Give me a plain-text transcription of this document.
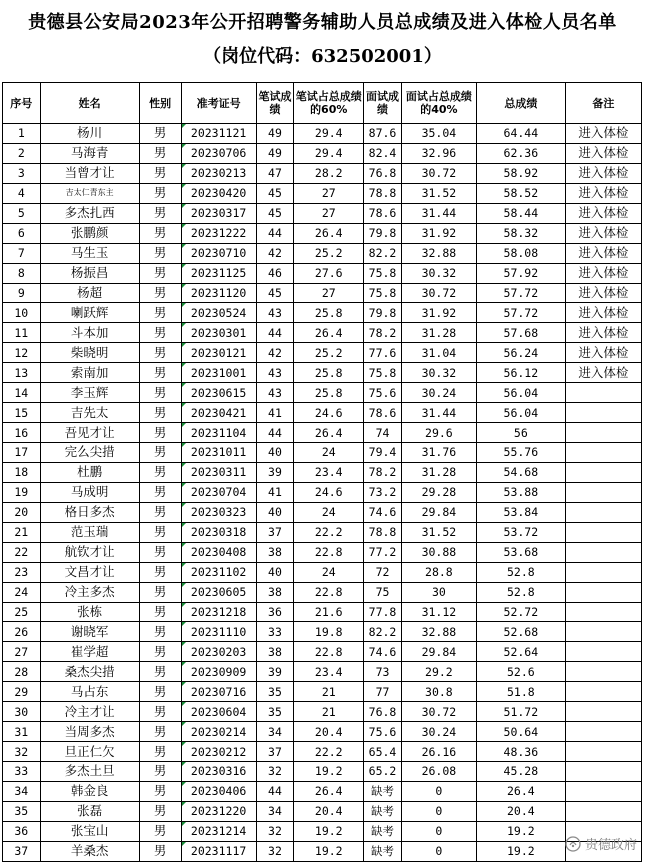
贵德县公安局2023年公开招聘警务辅助人员总成绩及进入体检人员名单
（岗位代码：632502001）
序号	姓名	性别	准考证号	笔试成绩	笔试占总成绩的60%	面试成绩	面试占总成绩的40%	总成绩	备注
1	杨川	男	20231121	49	29.4	87.6	35.04	64.44	进入体检
2	马海青	男	20230706	49	29.4	82.4	32.96	62.36	进入体检
3	当曾才让	男	20230213	47	28.2	76.8	30.72	58.92	进入体检
4	吉太仁青东主	男	20230420	45	27	78.8	31.52	58.52	进入体检
5	多杰扎西	男	20230317	45	27	78.6	31.44	58.44	进入体检
6	张鹏颜	男	20231222	44	26.4	79.8	31.92	58.32	进入体检
7	马生玉	男	20230710	42	25.2	82.2	32.88	58.08	进入体检
8	杨振昌	男	20231125	46	27.6	75.8	30.32	57.92	进入体检
9	杨超	男	20231120	45	27	75.8	30.72	57.72	进入体检
10	喇跃辉	男	20230524	43	25.8	79.8	31.92	57.72	进入体检
11	斗本加	男	20230301	44	26.4	78.2	31.28	57.68	进入体检
12	柴晓明	男	20230121	42	25.2	77.6	31.04	56.24	进入体检
13	索南加	男	20231001	43	25.8	75.8	30.32	56.12	进入体检
14	李玉辉	男	20230615	43	25.8	75.6	30.24	56.04	
15	吉先太	男	20230421	41	24.6	78.6	31.44	56.04	
16	吾见才让	男	20231104	44	26.4	74	29.6	56	
17	完么尖措	男	20231011	40	24	79.4	31.76	55.76	
18	杜鹏	男	20230311	39	23.4	78.2	31.28	54.68	
19	马成明	男	20230704	41	24.6	73.2	29.28	53.88	
20	格日多杰	男	20230323	40	24	74.6	29.84	53.84	
21	范玉瑞	男	20230318	37	22.2	78.8	31.52	53.72	
22	航钦才让	男	20230408	38	22.8	77.2	30.88	53.68	
23	文昌才让	男	20231102	40	24	72	28.8	52.8	
24	冷主多杰	男	20230605	38	22.8	75	30	52.8	
25	张栋	男	20231218	36	21.6	77.8	31.12	52.72	
26	谢晓军	男	20231110	33	19.8	82.2	32.88	52.68	
27	崔学超	男	20230203	38	22.8	74.6	29.84	52.64	
28	桑杰尖措	男	20230909	39	23.4	73	29.2	52.6	
29	马占东	男	20230716	35	21	77	30.8	51.8	
30	冷主才让	男	20230604	35	21	76.8	30.72	51.72	
31	当周多杰	男	20230214	34	20.4	75.6	30.24	50.64	
32	旦正仁欠	男	20230212	37	22.2	65.4	26.16	48.36	
33	多杰土旦	男	20230316	32	19.2	65.2	26.08	45.28	
34	韩金良	男	20230406	44	26.4	缺考	0	26.4	
35	张磊	男	20231220	34	20.4	缺考	0	20.4	
36	张宝山	男	20231214	32	19.2	缺考	0	19.2	
37	羊桑杰	男	20231117	32	19.2	缺考	0	19.2		贵德政府
